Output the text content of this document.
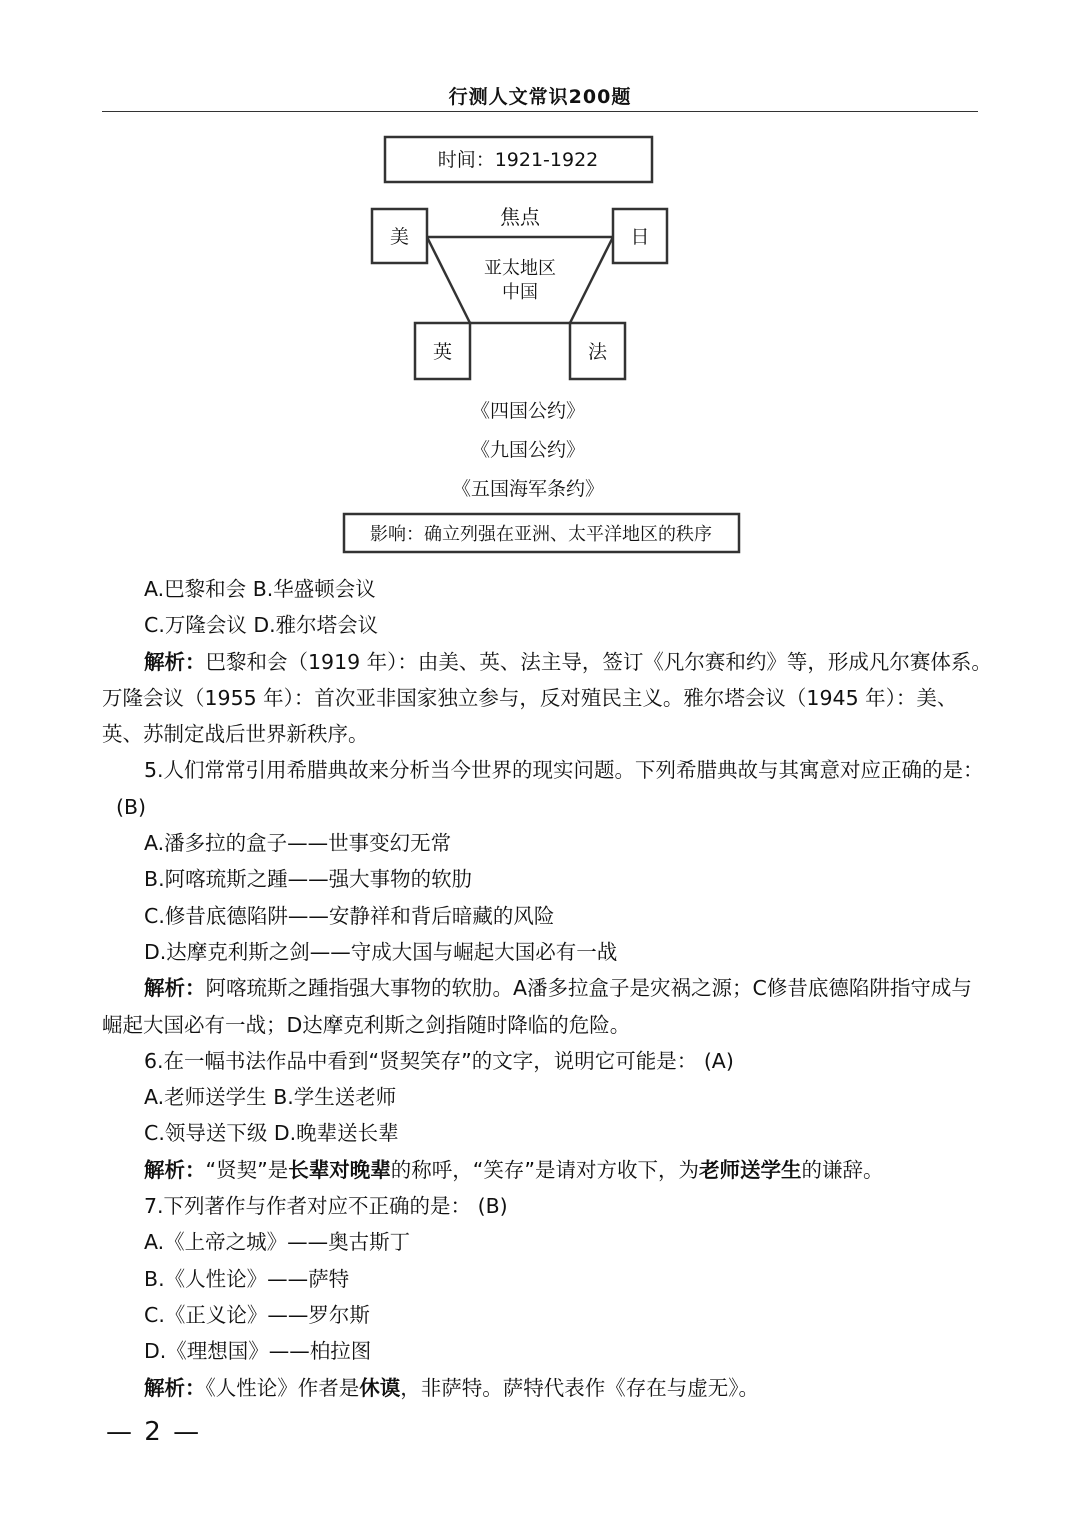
行测人文常识200题
时间：1921-1922
焦点
亚太地区
中国
美	日
英	法
《四国公约》
《九国公约》
《五国海军条约》
影响：确立列强在亚洲、太平洋地区的秩序
A.巴黎和会 B.华盛顿会议
C.万隆会议 D.雅尔塔会议
解析：巴黎和会（1919 年）：由美、英、法主导，签订《凡尔赛和约》等，形成凡尔赛体系。
万隆会议（1955 年）：首次亚非国家独立参与，反对殖民主义。雅尔塔会议（1945 年）：美、
英、苏制定战后世界新秩序。
5.人们常常引用希腊典故来分析当今世界的现实问题。下列希腊典故与其寓意对应正确的是：
(B)
A.潘多拉的盒子——世事变幻无常
B.阿喀琉斯之踵——强大事物的软肋
C.修昔底德陷阱——安静祥和背后暗藏的风险
D.达摩克利斯之剑——守成大国与崛起大国必有一战
解析：阿喀琉斯之踵指强大事物的软肋。A潘多拉盒子是灾祸之源；C修昔底德陷阱指守成与
崛起大国必有一战；D达摩克利斯之剑指随时降临的危险。
6.在一幅书法作品中看到“贤契笑存”的文字，说明它可能是： (A)
A.老师送学生 B.学生送老师
C.领导送下级 D.晚辈送长辈
解析：“贤契”是长辈对晚辈的称呼，“笑存”是请对方收下，为老师送学生的谦辞。
7.下列著作与作者对应不正确的是： (B)
A.《上帝之城》——奥古斯丁
B.《人性论》——萨特
C.《正义论》——罗尔斯
D.《理想国》——柏拉图
解析：《人性论》作者是休谟，非萨特。萨特代表作《存在与虚无》。
— 2 —
